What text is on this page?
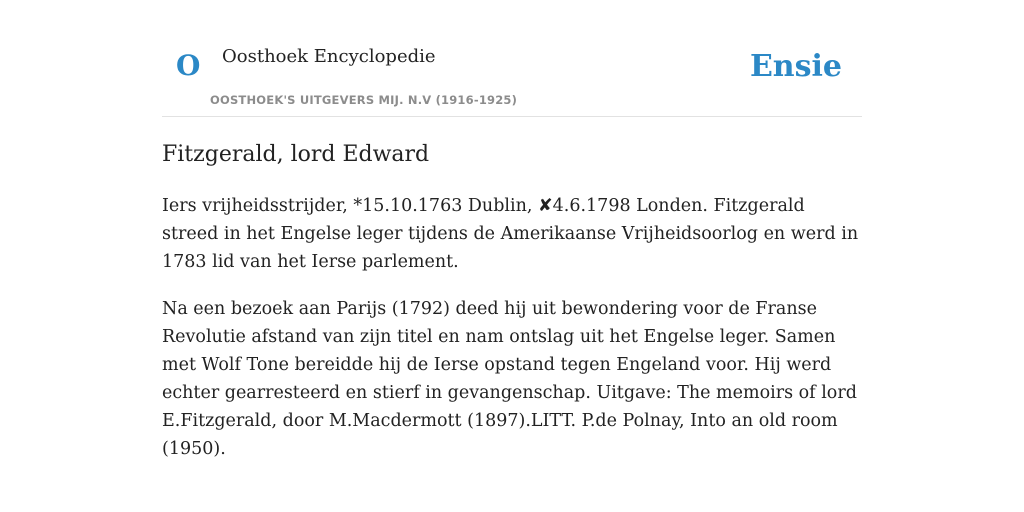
O Oosthoek Encyclopedie
OOSTHOEK'S UITGEVERS MIJ. N.V (1916-1925)
Ensie
Fitzgerald, lord Edward

Iers vrijheidsstrijder, *15.10.1763 Dublin, ✘4.6.1798 Londen. Fitzgerald streed in het Engelse leger tijdens de Amerikaanse Vrijheidsoorlog en werd in 1783 lid van het Ierse parlement.

Na een bezoek aan Parijs (1792) deed hij uit bewondering voor de Franse Revolutie afstand van zijn titel en nam ontslag uit het Engelse leger. Samen met Wolf Tone bereidde hij de Ierse opstand tegen Engeland voor. Hij werd echter gearresteerd en stierf in gevangenschap. Uitgave: The memoirs of lord E.Fitzgerald, door M.Macdermott (1897).LITT. P.de Polnay, Into an old room (1950).
